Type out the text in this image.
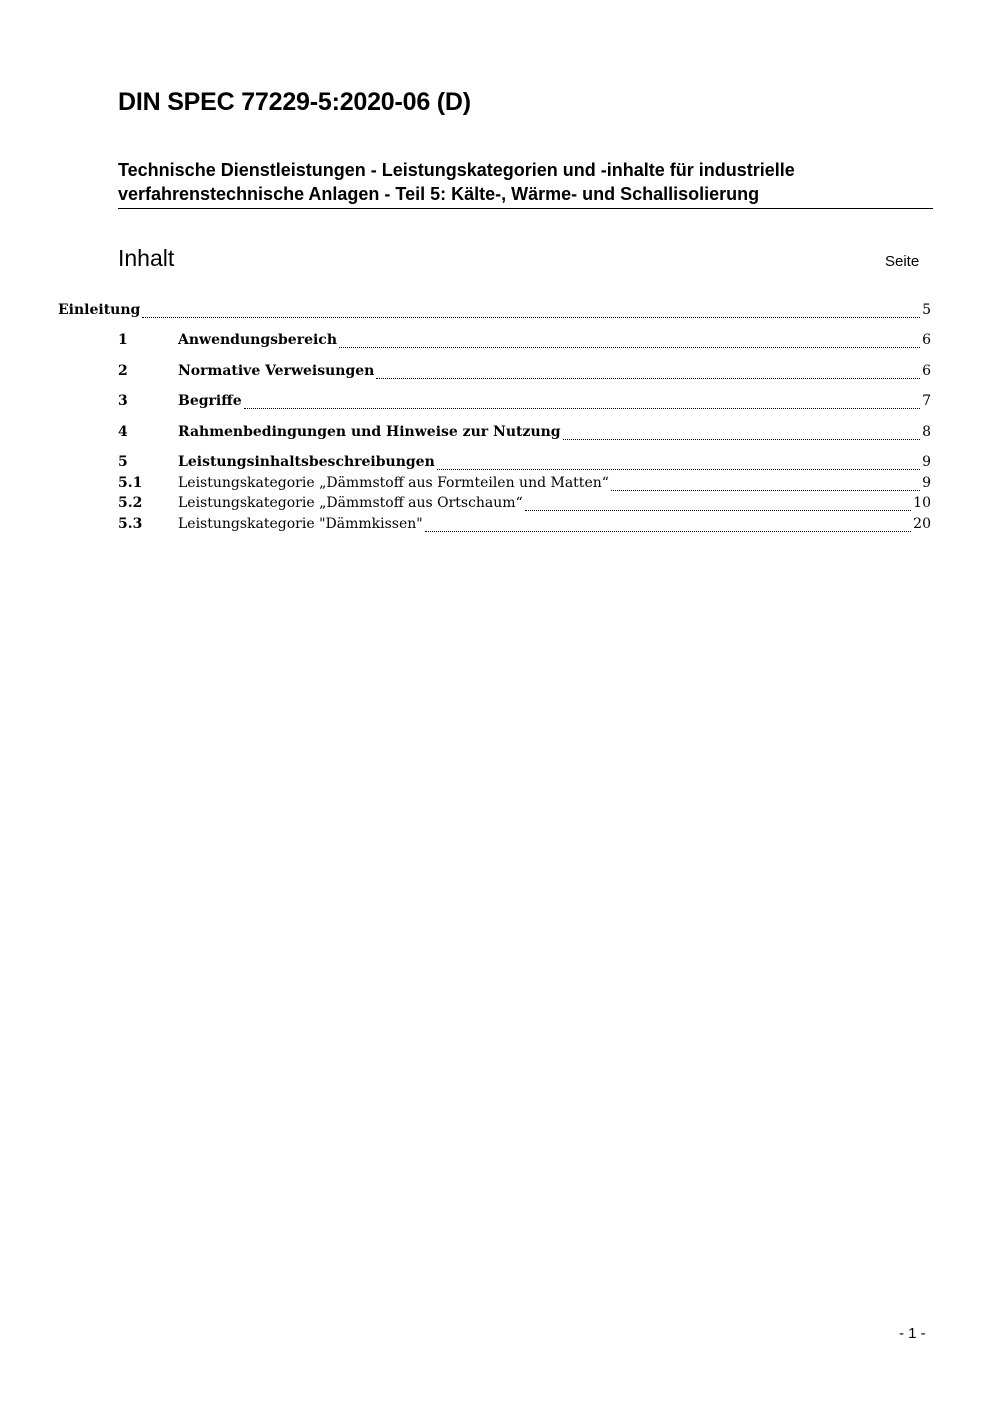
DIN SPEC 77229-5:2020-06 (D)
Technische Dienstleistungen - Leistungskategorien und -inhalte für industrielle
verfahrenstechnische Anlagen - Teil 5: Kälte-, Wärme- und Schallisolierung
Inhalt	Seite
Einleitung	5
1	Anwendungsbereich	6
2	Normative Verweisungen	6
3	Begriffe	7
4	Rahmenbedingungen und Hinweise zur Nutzung	8
5	Leistungsinhaltsbeschreibungen	9
5.1	Leistungskategorie „Dämmstoff aus Formteilen und Matten“	9
5.2	Leistungskategorie „Dämmstoff aus Ortschaum“	10
5.3	Leistungskategorie "Dämmkissen"	20
- 1 -
